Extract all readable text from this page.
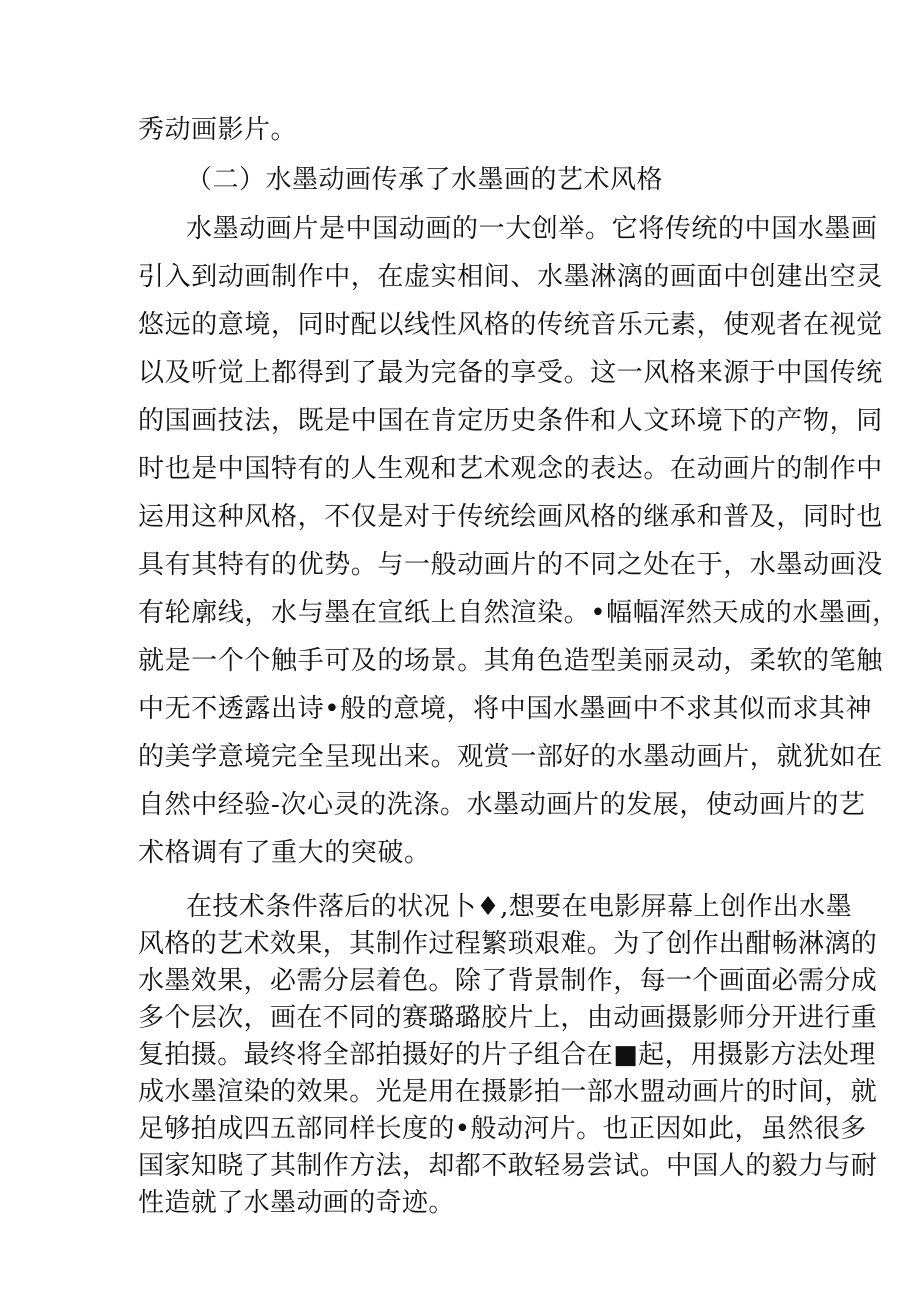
秀动画影片。
（二）水墨动画传承了水墨画的艺术风格
水墨动画片是中国动画的一大创举。它将传统的中国水墨画
引入到动画制作中，在虚实相间、水墨淋漓的画面中创建出空灵
悠远的意境，同时配以线性风格的传统音乐元素，使观者在视觉
以及听觉上都得到了最为完备的享受。这一风格来源于中国传统
的国画技法，既是中国在肯定历史条件和人文环境下的产物，同
时也是中国特有的人生观和艺术观念的表达。在动画片的制作中
运用这种风格，不仅是对于传统绘画风格的继承和普及，同时也
具有其特有的优势。与一般动画片的不同之处在于，水墨动画没
有轮廓线，水与墨在宣纸上自然渲染。•幅幅浑然天成的水墨画，
就是一个个触手可及的场景。其角色造型美丽灵动，柔软的笔触
中无不透露出诗•般的意境，将中国水墨画中不求其似而求其神
的美学意境完全呈现出来。观赏一部好的水墨动画片，就犹如在
自然中经验-次心灵的洗涤。水墨动画片的发展，使动画片的艺
术格调有了重大的突破。
在技术条件落后的状况卜♦,想要在电影屏幕上创作出水墨
风格的艺术效果，其制作过程繁琐艰难。为了创作出酣畅淋漓的
水墨效果，必需分层着色。除了背景制作，每一个画面必需分成
多个层次，画在不同的赛璐璐胶片上，由动画摄影师分开进行重
复拍摄。最终将全部拍摄好的片子组合在■起，用摄影方法处理
成水墨渲染的效果。光是用在摄影拍一部水盟动画片的时间，就
足够拍成四五部同样长度的•般动河片。也正因如此，虽然很多
国家知晓了其制作方法，却都不敢轻易尝试。中国人的毅力与耐
性造就了水墨动画的奇迹。
